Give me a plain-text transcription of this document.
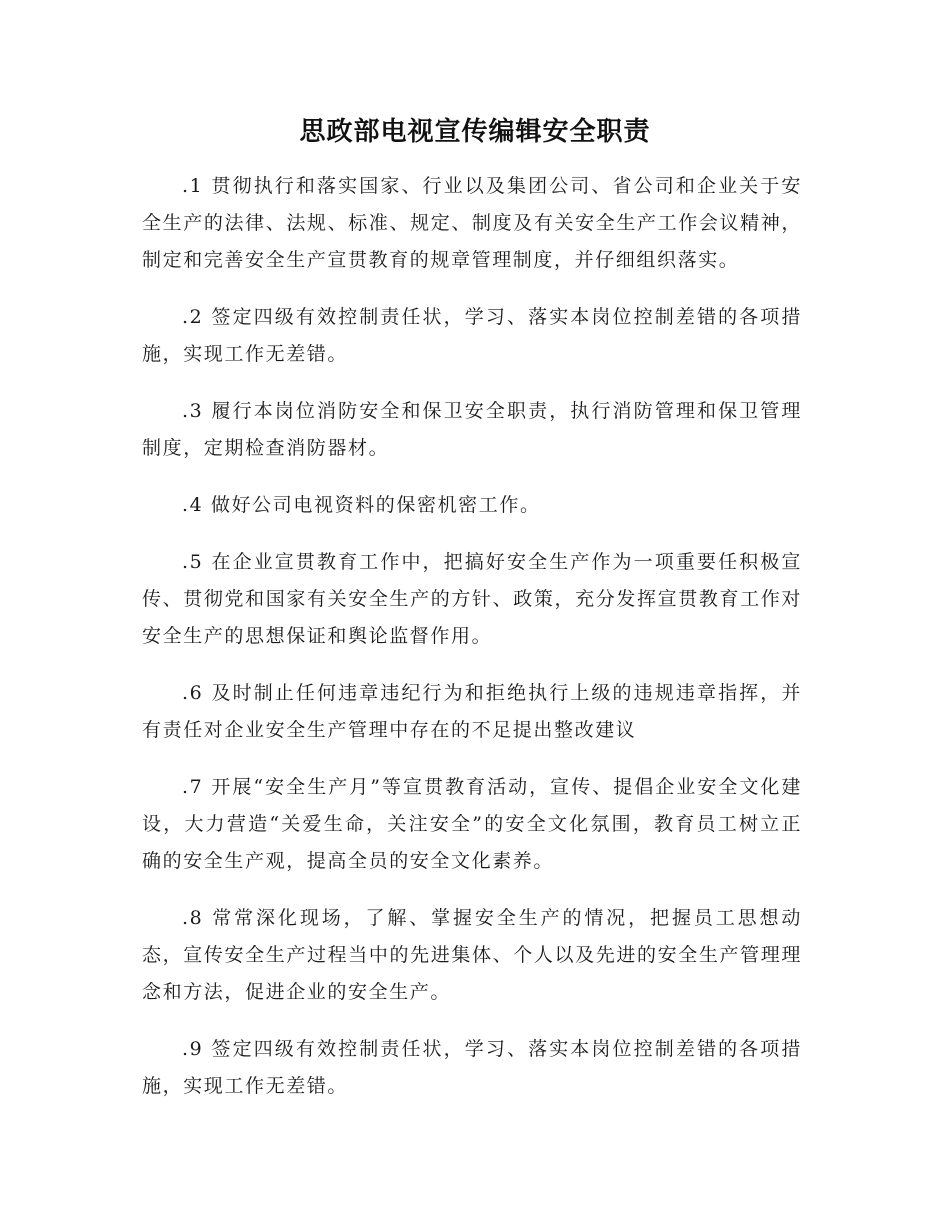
思政部电视宣传编辑安全职责

.1 贯彻执行和落实国家、行业以及集团公司、省公司和企业关于安全生产的法律、法规、标准、规定、制度及有关安全生产工作会议精神，制定和完善安全生产宣贯教育的规章管理制度，并仔细组织落实。

.2 签定四级有效控制责任状，学习、落实本岗位控制差错的各项措施，实现工作无差错。

.3 履行本岗位消防安全和保卫安全职责，执行消防管理和保卫管理制度，定期检查消防器材。

.4 做好公司电视资料的保密机密工作。

.5 在企业宣贯教育工作中，把搞好安全生产作为一项重要任积极宣传、贯彻党和国家有关安全生产的方针、政策，充分发挥宣贯教育工作对安全生产的思想保证和舆论监督作用。

.6 及时制止任何违章违纪行为和拒绝执行上级的违规违章指挥，并有责任对企业安全生产管理中存在的不足提出整改建议

.7 开展“安全生产月”等宣贯教育活动，宣传、提倡企业安全文化建设，大力营造“关爱生命，关注安全”的安全文化氛围，教育员工树立正确的安全生产观，提高全员的安全文化素养。

.8 常常深化现场，了解、掌握安全生产的情况，把握员工思想动态，宣传安全生产过程当中的先进集体、个人以及先进的安全生产管理理念和方法，促进企业的安全生产。

.9 签定四级有效控制责任状，学习、落实本岗位控制差错的各项措施，实现工作无差错。
